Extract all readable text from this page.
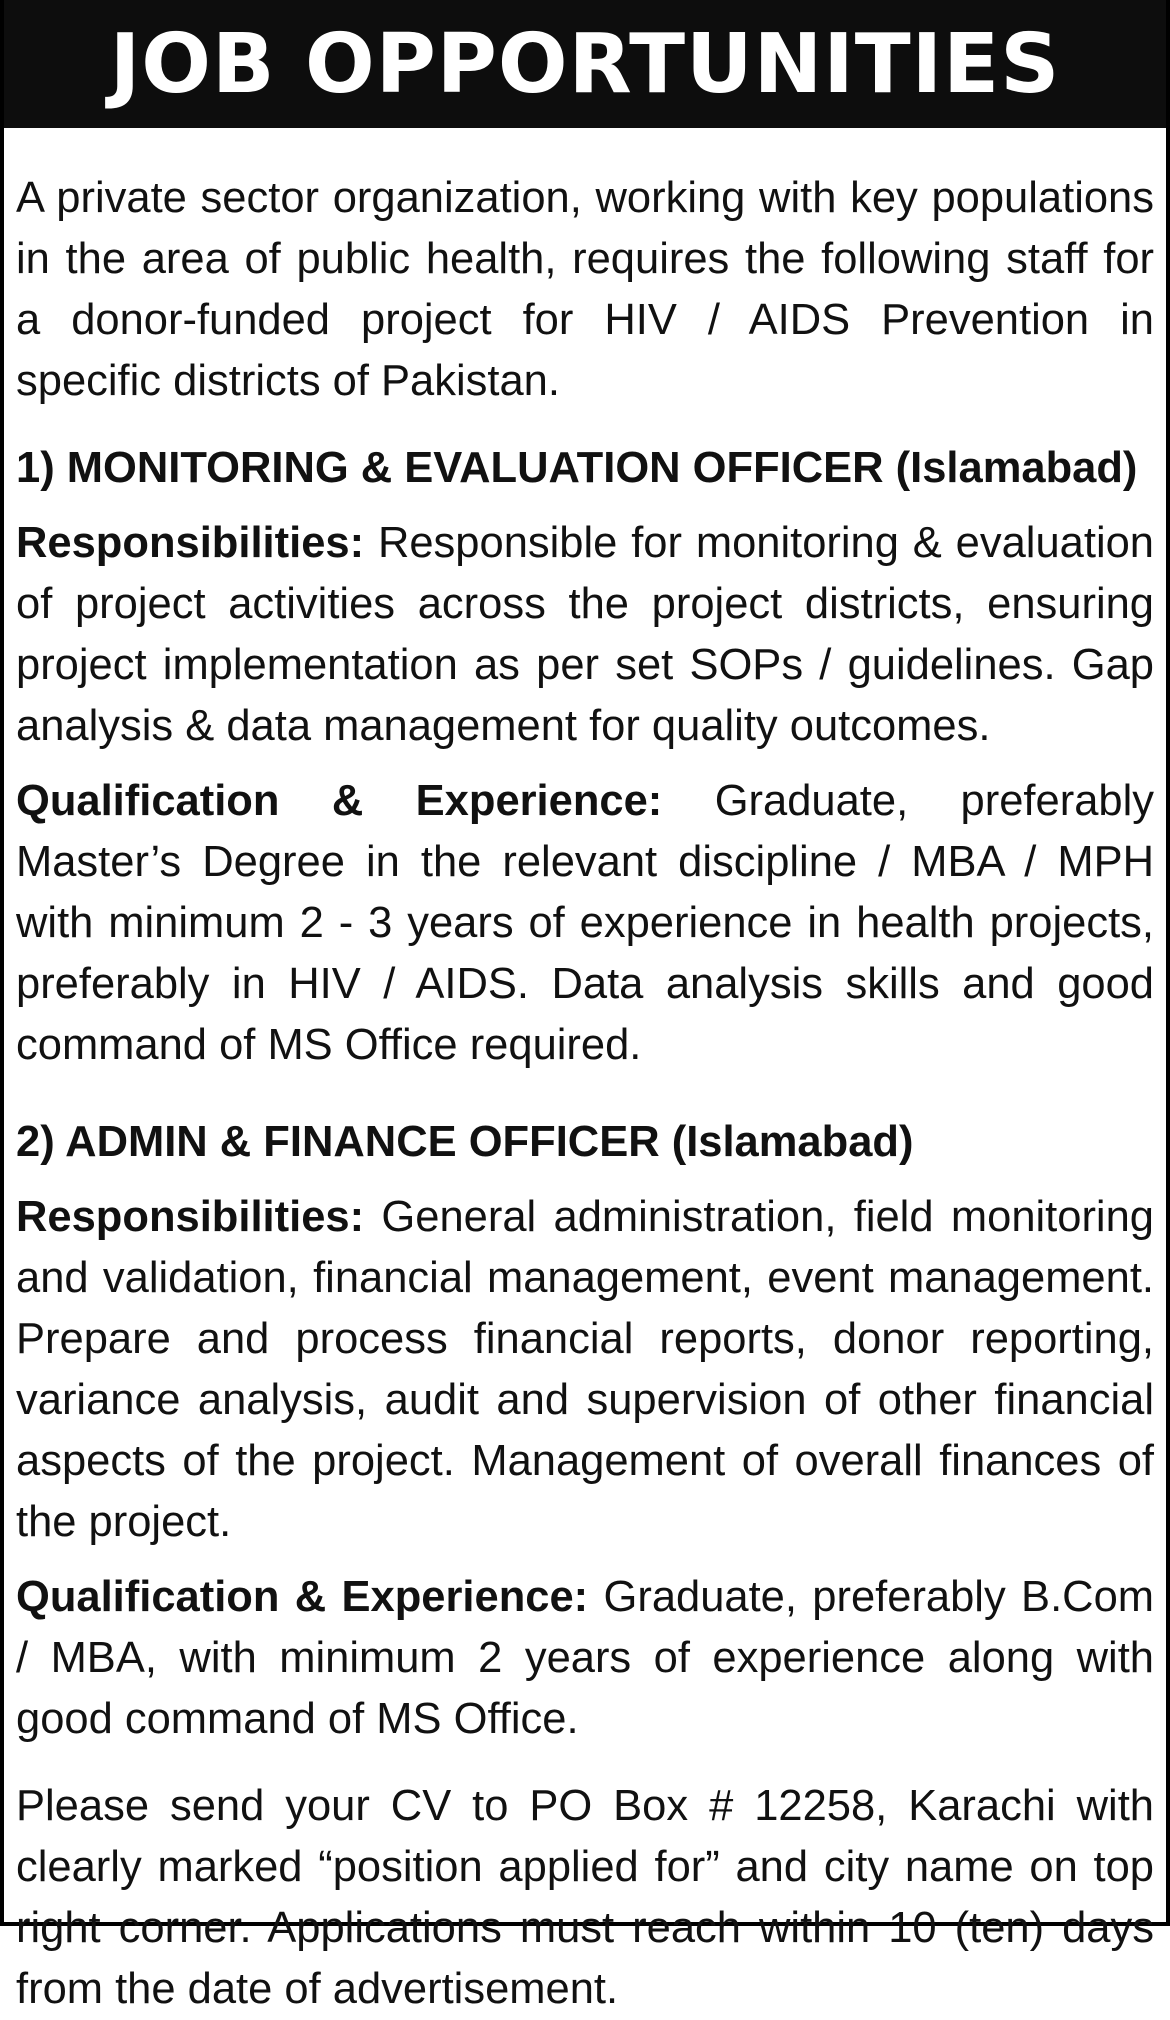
JOB OPPORTUNITIES

A private sector organization, working with key populations in the area of public health, requires the following staff for a donor-funded project for HIV / AIDS Prevention in specific districts of Pakistan.

1) MONITORING & EVALUATION OFFICER (Islamabad)

Responsibilities: Responsible for monitoring & evaluation of project activities across the project districts, ensuring project implementation as per set SOPs / guidelines. Gap analysis & data management for quality outcomes.

Qualification & Experience: Graduate, preferably Master’s Degree in the relevant discipline / MBA / MPH with minimum 2 - 3 years of experience in health projects, preferably in HIV / AIDS. Data analysis skills and good command of MS Office required.

2) ADMIN & FINANCE OFFICER (Islamabad)

Responsibilities: General administration, field monitoring and validation, financial management, event management. Prepare and process financial reports, donor reporting, variance analysis, audit and supervision of other financial aspects of the project. Management of overall finances of the project.

Qualification & Experience: Graduate, preferably B.Com / MBA, with minimum 2 years of experience along with good command of MS Office.

Please send your CV to PO Box # 12258, Karachi with clearly marked “position applied for” and city name on top right corner. Applications must reach within 10 (ten) days from the date of advertisement.
